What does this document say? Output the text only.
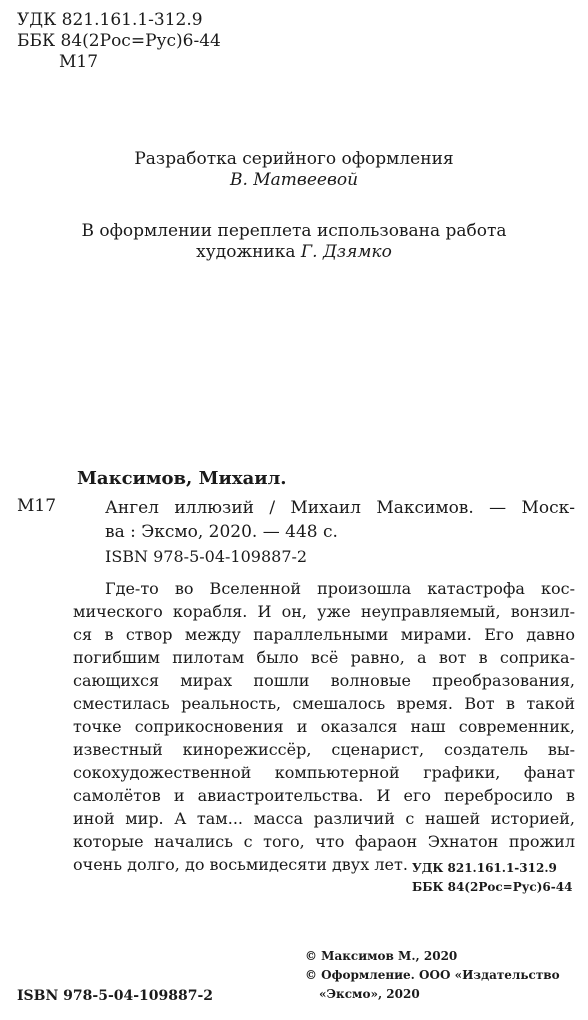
УДК 821.161.1-312.9
ББК 84(2Рос=Рус)6-44
М17
Разработка серийного оформления
В. Матвеевой
В оформлении переплета использована работа
художника Г. Дзямко
Максимов, Михаил.
М17	Ангел иллюзий / Михаил Максимов. — Моск-
ва : Эксмо, 2020. — 448 с.
ISBN 978-5-04-109887-2
Где-то во Вселенной произошла катастрофа кос-
мического корабля. И он, уже неуправляемый, вонзил-
ся в створ между параллельными мирами. Его давно
погибшим пилотам было всё равно, а вот в соприка-
сающихся мирах пошли волновые преобразования,
сместилась реальность, смешалось время. Вот в такой
точке соприкосновения и оказался наш современник,
известный кинорежиссёр, сценарист, создатель вы-
сокохудожественной компьютерной графики, фанат
самолётов и авиастроительства. И его перебросило в
иной мир. А там... масса различий с нашей историей,
которые начались с того, что фараон Эхнатон прожил
очень долго, до восьмидесяти двух лет. УДК 821.161.1-312.9
ББК 84(2Рос=Рус)6-44
© Максимов М., 2020
© Оформление. ООО «Издательство
«Эксмо», 2020
ISBN 978-5-04-109887-2
